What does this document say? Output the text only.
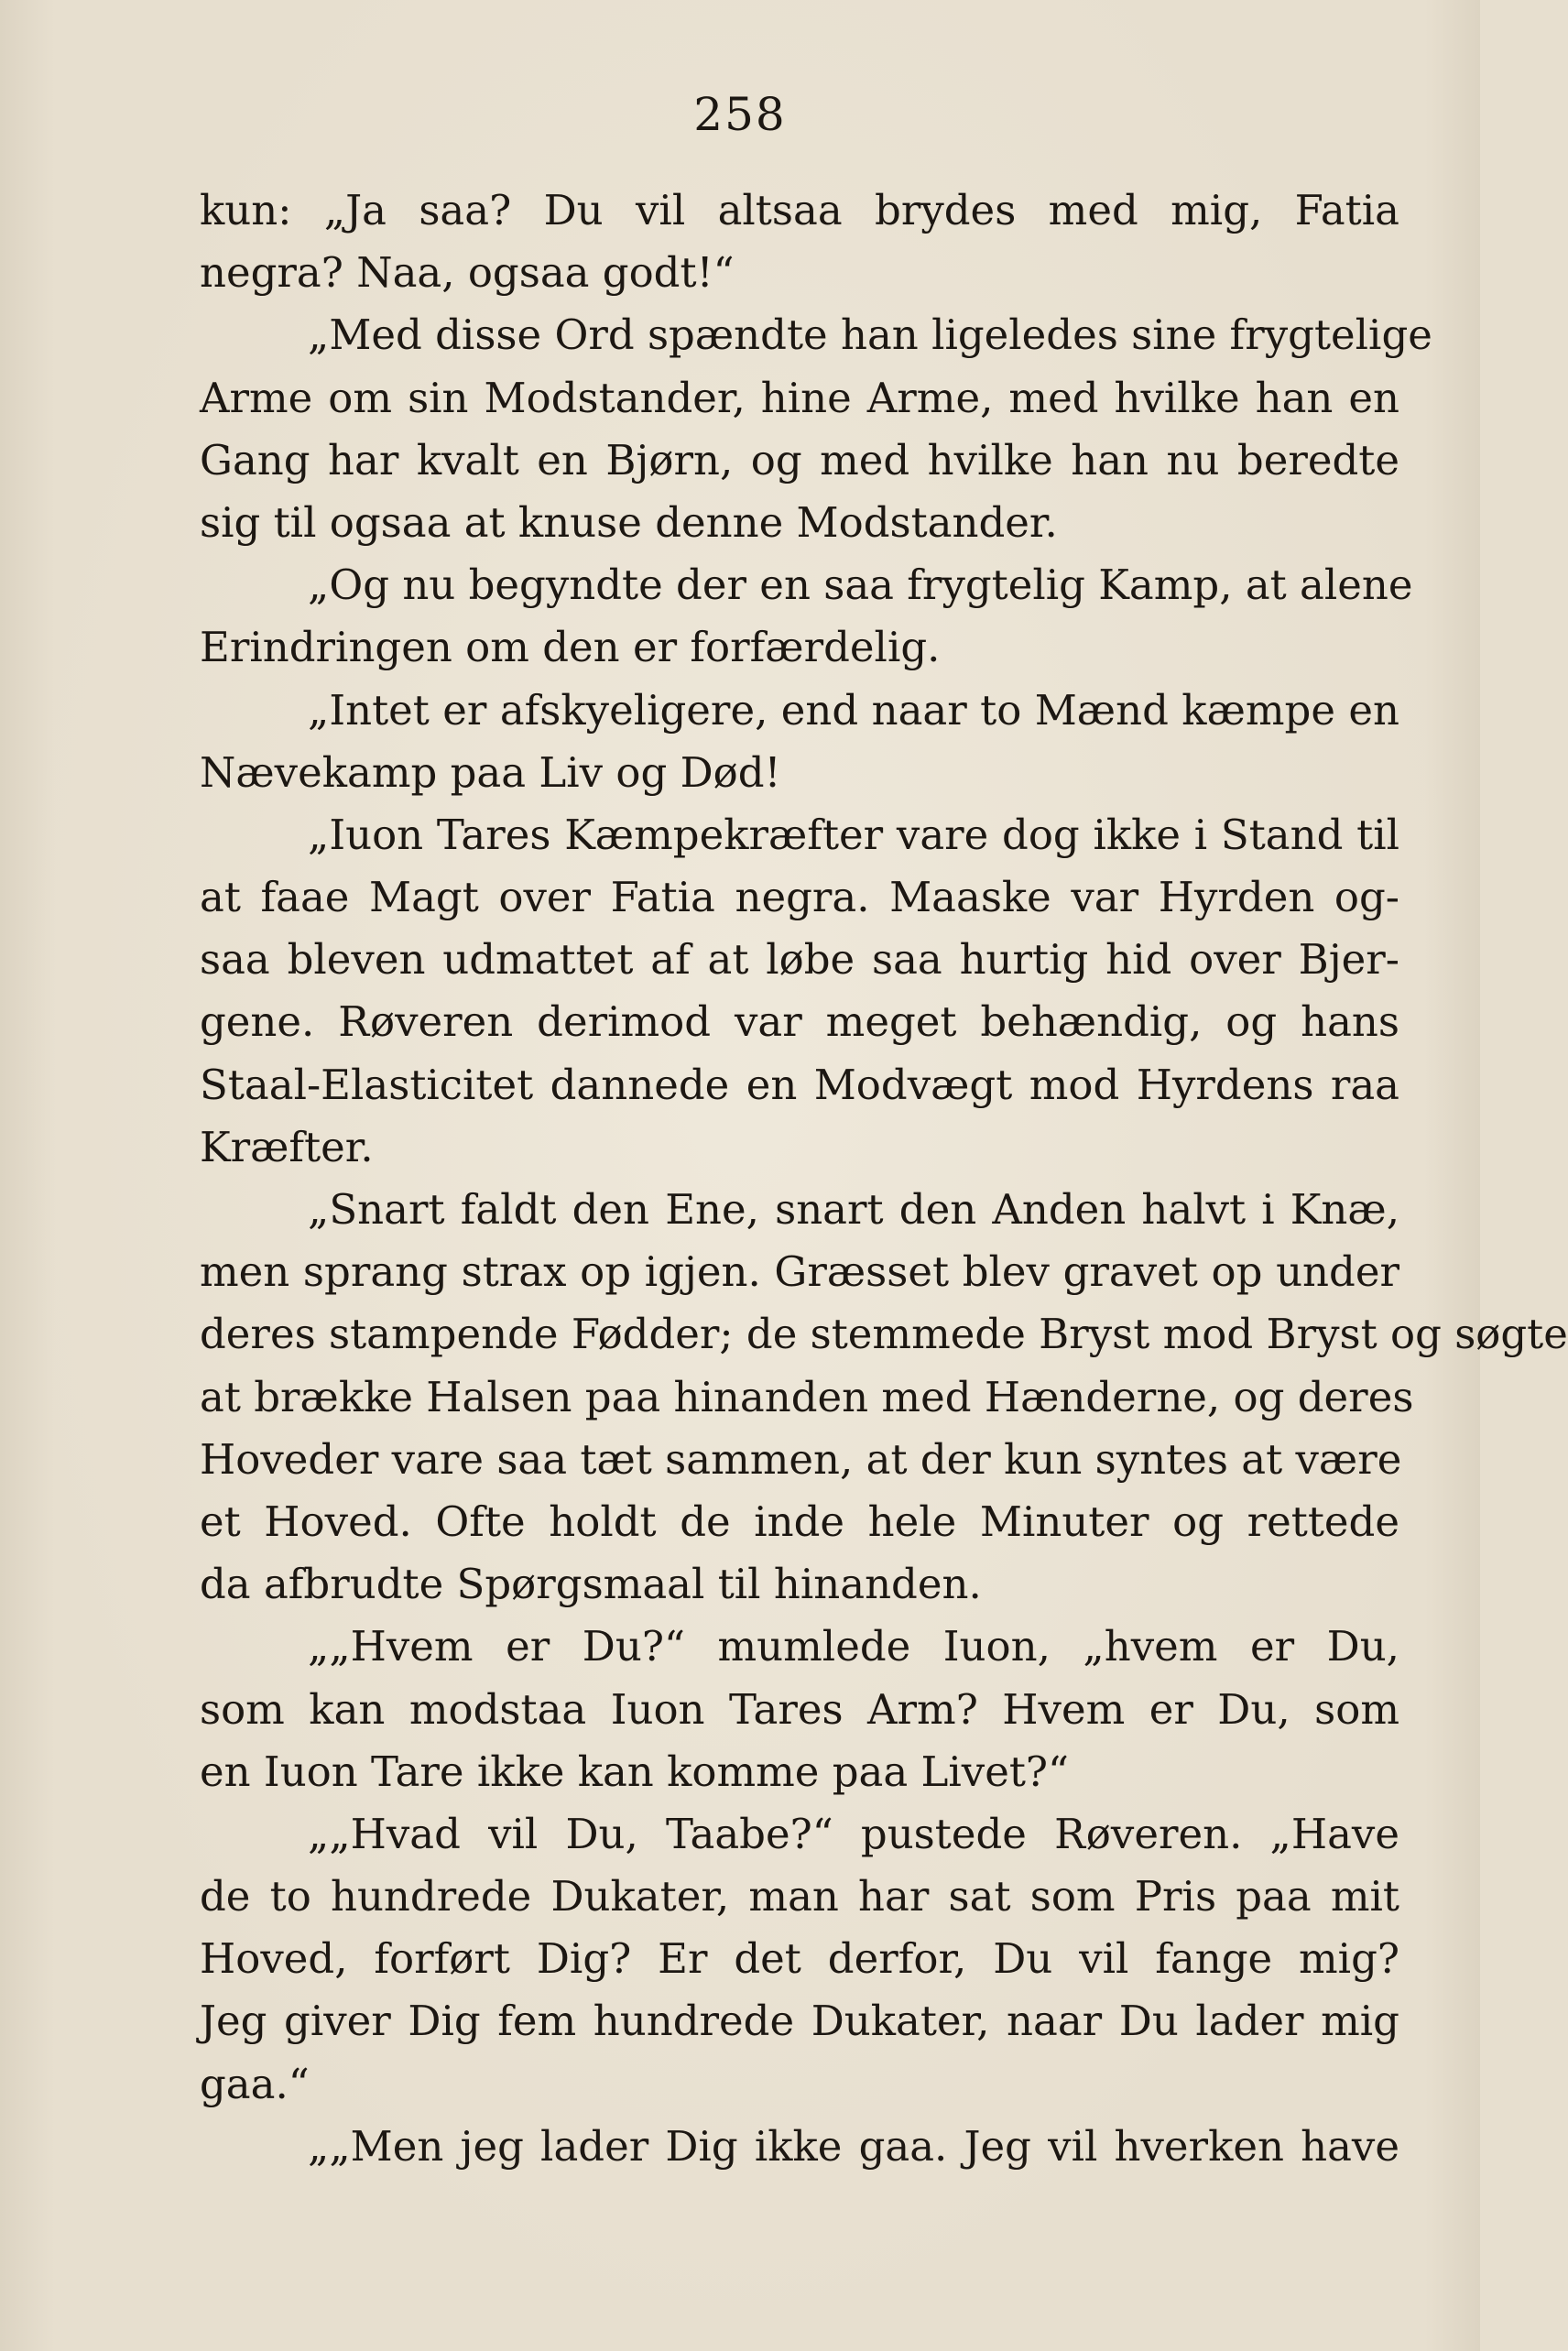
258
kun: „Ja saa? Du vil altsaa brydes med mig, Fatia
negra? Naa, ogsaa godt!“
„Med disse Ord spændte han ligeledes sine frygtelige
Arme om sin Modstander, hine Arme, med hvilke han en
Gang har kvalt en Bjørn, og med hvilke han nu beredte
sig til ogsaa at knuse denne Modstander.
„Og nu begyndte der en saa frygtelig Kamp, at alene
Erindringen om den er forfærdelig.
„Intet er afskyeligere, end naar to Mænd kæmpe en
Nævekamp paa Liv og Død!
„Iuon Tares Kæmpekræfter vare dog ikke i Stand til
at faae Magt over Fatia negra. Maaske var Hyrden og-
saa bleven udmattet af at løbe saa hurtig hid over Bjer-
gene. Røveren derimod var meget behændig, og hans
Staal-Elasticitet dannede en Modvægt mod Hyrdens raa
Kræfter.
„Snart faldt den Ene, snart den Anden halvt i Knæ,
men sprang strax op igjen. Græsset blev gravet op under
deres stampende Fødder; de stemmede Bryst mod Bryst og søgte
at brække Halsen paa hinanden med Hænderne, og deres
Hoveder vare saa tæt sammen, at der kun syntes at være
et Hoved. Ofte holdt de inde hele Minuter og rettede
da afbrudte Spørgsmaal til hinanden.
„„Hvem er Du?“ mumlede Iuon, „hvem er Du,
som kan modstaa Iuon Tares Arm? Hvem er Du, som
en Iuon Tare ikke kan komme paa Livet?“
„„Hvad vil Du, Taabe?“ pustede Røveren. „Have
de to hundrede Dukater, man har sat som Pris paa mit
Hoved, forført Dig? Er det derfor, Du vil fange mig?
Jeg giver Dig fem hundrede Dukater, naar Du lader mig
gaa.“
„„Men jeg lader Dig ikke gaa. Jeg vil hverken have
